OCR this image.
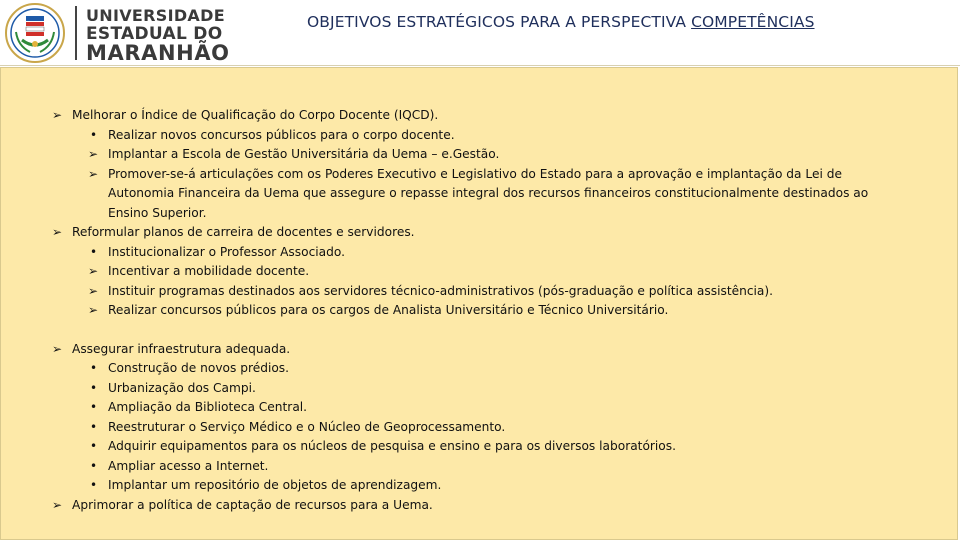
UNIVERSIDADE
ESTADUAL DO
MARANHÃO
OBJETIVOS ESTRATÉGICOS PARA A PERSPECTIVA COMPETÊNCIAS
➢ Melhorar o Índice de Qualificação do Corpo Docente (IQCD).
• Realizar novos concursos públicos para o corpo docente.
➢ Implantar a Escola de Gestão Universitária da Uema – e.Gestão.
➢ Promover-se-á articulações com os Poderes Executivo e Legislativo do Estado para a aprovação e implantação da Lei de Autonomia Financeira da Uema que assegure o repasse integral dos recursos financeiros constitucionalmente destinados ao Ensino Superior.
➢ Reformular planos de carreira de docentes e servidores.
• Institucionalizar o Professor Associado.
➢ Incentivar a mobilidade docente.
➢ Instituir programas destinados aos servidores técnico-administrativos (pós-graduação e política assistência).
➢ Realizar concursos públicos para os cargos de Analista Universitário e Técnico Universitário.
➢ Assegurar infraestrutura adequada.
• Construção de novos prédios.
• Urbanização dos Campi.
• Ampliação da Biblioteca Central.
• Reestruturar o Serviço Médico e o Núcleo de Geoprocessamento.
• Adquirir equipamentos para os núcleos de pesquisa e ensino e para os diversos laboratórios.
• Ampliar acesso a Internet.
• Implantar um repositório de objetos de aprendizagem.
➢ Aprimorar a política de captação de recursos para a Uema.
